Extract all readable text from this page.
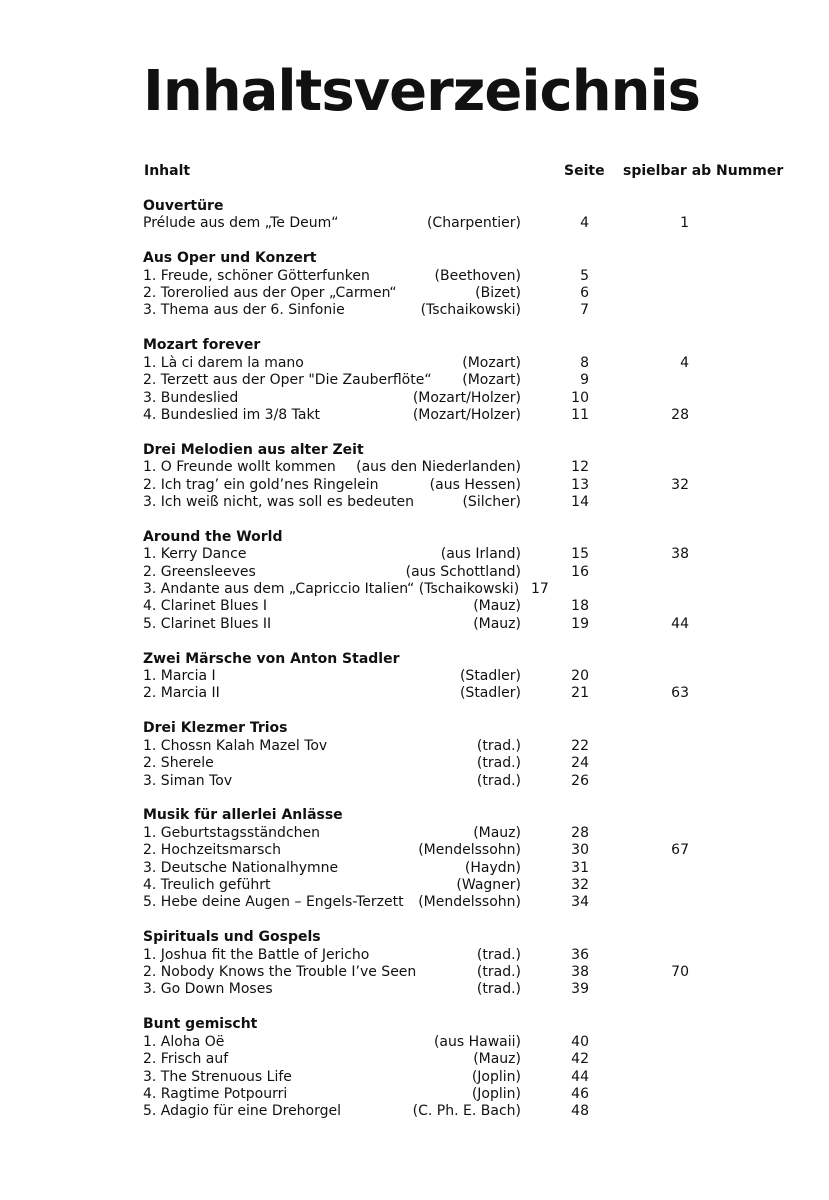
Inhaltsverzeichnis
Inhalt	Seite spielbar ab Nummer
Ouvertüre
Prélude aus dem „Te Deum“	(Charpentier)	4	1
Aus Oper und Konzert
1. Freude, schöner Götterfunken	(Beethoven)	5
2. Torerolied aus der Oper „Carmen“	(Bizet)	6
3. Thema aus der 6. Sinfonie	(Tschaikowski)	7
Mozart forever
1. Là ci darem la mano	(Mozart)	8	4
2. Terzett aus der Oper "Die Zauberflöte“ (Mozart)	9
3. Bundeslied	(Mozart/Holzer)	10
4. Bundeslied im 3/8 Takt	(Mozart/Holzer)	11	28
Drei Melodien aus alter Zeit
1. O Freunde wollt kommen (aus den Niederlanden)	12
2. Ich trag’ ein gold’nes Ringelein	(aus Hessen)	13	32
3. Ich weiß nicht, was soll es bedeuten	(Silcher)	14
Around the World
1. Kerry Dance	(aus Irland)	15	38
2. Greensleeves	(aus Schottland)	16
3. Andante aus dem „Capriccio Italien“ (Tschaikowski) 17
4. Clarinet Blues I	(Mauz)	18
5. Clarinet Blues II	(Mauz)	19	44
Zwei Märsche von Anton Stadler
1. Marcia I	(Stadler)	20
2. Marcia II	(Stadler)	21	63
Drei Klezmer Trios
1. Chossn Kalah Mazel Tov	(trad.)	22
2. Sherele	(trad.)	24
3. Siman Tov	(trad.)	26
Musik für allerlei Anlässe
1. Geburtstagsständchen	(Mauz)	28
2. Hochzeitsmarsch	(Mendelssohn)	30	67
3. Deutsche Nationalhymne	(Haydn)	31
4. Treulich geführt	(Wagner)	32
5. Hebe deine Augen – Engels-Terzett (Mendelssohn)	34
Spirituals und Gospels
1. Joshua fit the Battle of Jericho	(trad.)	36
2. Nobody Knows the Trouble I’ve Seen	(trad.)	38	70
3. Go Down Moses	(trad.)	39
Bunt gemischt
1. Aloha Oë	(aus Hawaii)	40
2. Frisch auf	(Mauz)	42
3. The Strenuous Life	(Joplin)	44
4. Ragtime Potpourri	(Joplin)	46
5. Adagio für eine Drehorgel	(C. Ph. E. Bach)	48
